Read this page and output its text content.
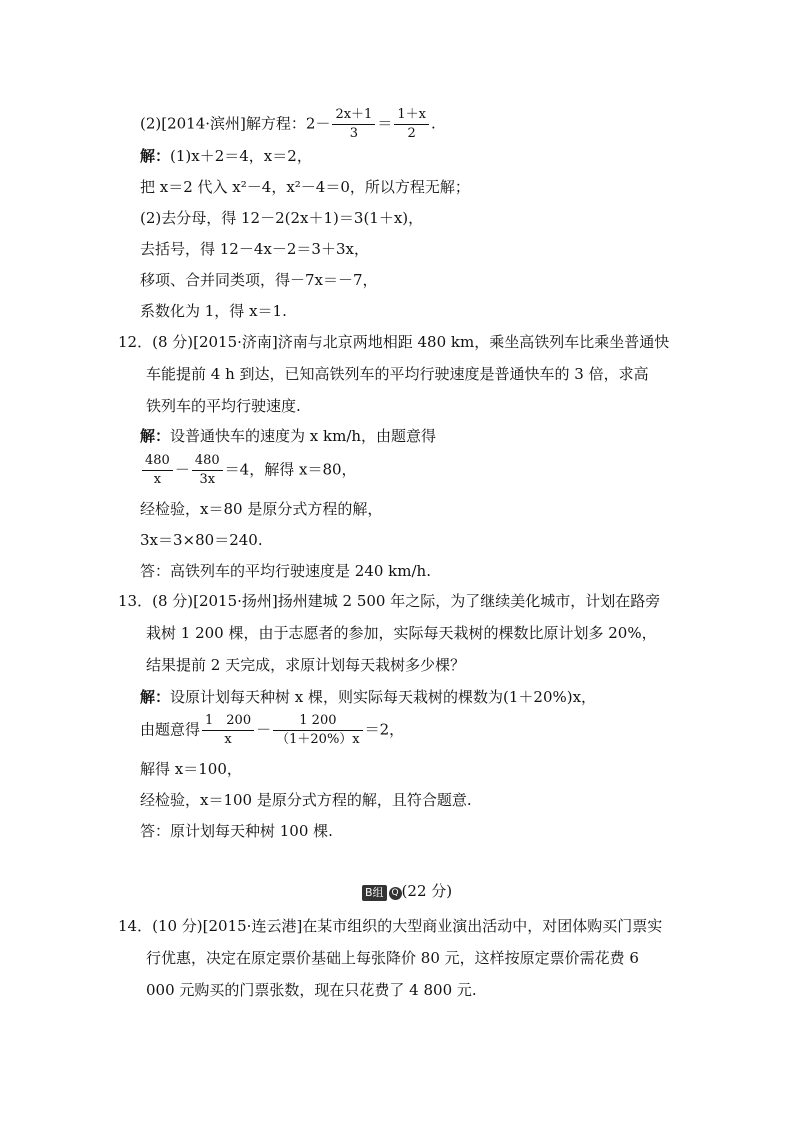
(2)[2014·滨州]解方程：$2- \frac{2x+1}{3} = \frac{1+x}{2}$ .
解：(1)x＋2＝4，x＝2，
把 x＝2 代入 x²－4，x²－4＝0，所以方程无解；
(2)去分母，得 12－2(2x＋1)＝3(1＋x)，
去括号，得 12－4x－2＝3＋3x，
移项、合并同类项，得－7x＝－7，
系数化为 1，得 x＝1.
12．(8 分)[2015·济南]济南与北京两地相距 480 km，乘坐高铁列车比乘坐普通快
车能提前 4 h 到达，已知高铁列车的平均行驶速度是普通快车的 3 倍，求高
铁列车的平均行驶速度.
解：设普通快车的速度为 x km/h，由题意得
$\frac{480}{x} - \frac{480}{3x} =4$，解得 x＝80，
经检验，x＝80 是原分式方程的解，
3x＝3×80＝240.
答：高铁列车的平均行驶速度是 240 km/h.
13．(8 分)[2015·扬州]扬州建城 2 500 年之际，为了继续美化城市，计划在路旁
栽树 1 200 棵，由于志愿者的参加，实际每天栽树的棵数比原计划多 20%，
结果提前 2 天完成，求原计划每天栽树多少棵？
解：设原计划每天种树 x 棵，则实际每天栽树的棵数为(1＋20%)x，
由题意得 $\frac{1 200}{x} - \frac{1 200}{(1+20\%)x} =2$，
解得 x＝100，
经检验，x＝100 是原分式方程的解，且符合题意.
答：原计划每天种树 100 棵.
B组 Q (22 分)
14．(10 分)[2015·连云港]在某市组织的大型商业演出活动中，对团体购买门票实
行优惠，决定在原定票价基础上每张降价 80 元，这样按原定票价需花费 6
000 元购买的门票张数，现在只花费了 4 800 元.
